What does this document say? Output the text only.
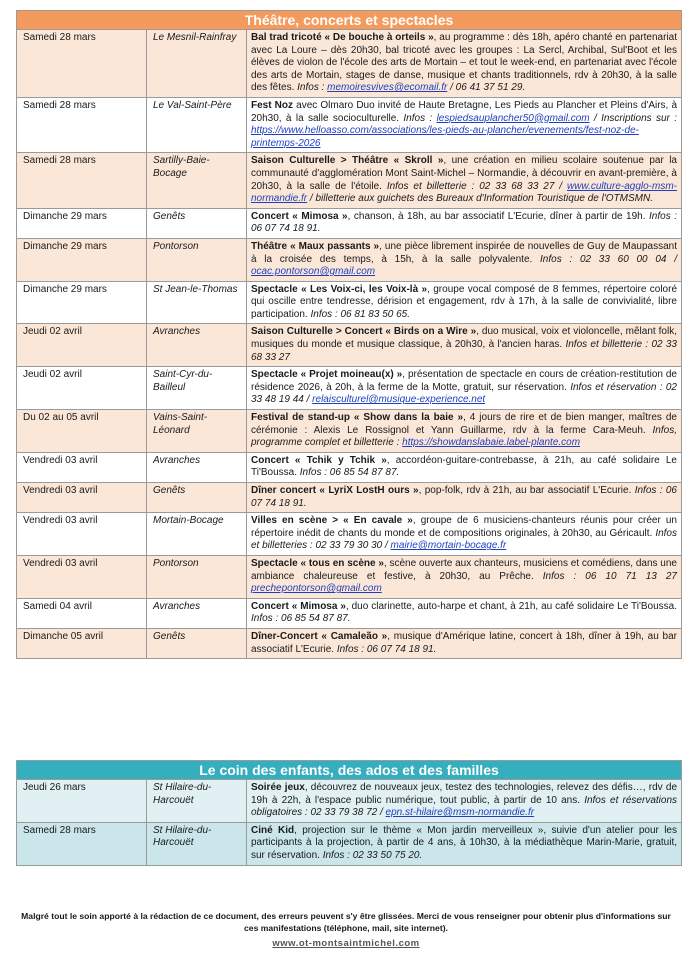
Théâtre, concerts et spectacles
Samedi 28 mars	Le Mesnil-Rainfray	Bal trad tricoté « De bouche à orteils », au programme : dès 18h, apéro chanté en partenariat avec La Loure – dès 20h30, bal tricoté avec les groupes : La Sercl, Archibal, Sul'Boot et les élèves de violon de l'école des arts de Mortain – et tout le week-end, en partenariat avec l'école des arts de Mortain, stages de danse, musique et chants traditionnels, rdv à 20h30, à la salle des fêtes. Infos : memoiresvives@ecomail.fr / 06 41 37 51 29.
Samedi 28 mars	Le Val-Saint-Père	Fest Noz avec Olmaro Duo invité de Haute Bretagne, Les Pieds au Plancher et Pleins d'Airs, à 20h30, à la salle socioculturelle. Infos : lespiedsauplancher50@gmail.com / Inscriptions sur : https://www.helloasso.com/associations/les-pieds-au-plancher/evenements/fest-noz-de-printemps-2026
Samedi 28 mars	Sartilly-Baie-Bocage	Saison Culturelle > Théâtre « Skroll », une création en milieu scolaire soutenue par la communauté d'agglomération Mont Saint-Michel – Normandie, à découvrir en avant-première, à 20h30, à la salle de l'étoile. Infos et billetterie : 02 33 68 33 27 / www.culture-agglo-msm-normandie.fr / billetterie aux guichets des Bureaux d'Information Touristique de l'OTMSMN.
Dimanche 29 mars	Genêts	Concert « Mimosa », chanson, à 18h, au bar associatif L'Ecurie, dîner à partir de 19h. Infos : 06 07 74 18 91.
Dimanche 29 mars	Pontorson	Théâtre « Maux passants », une pièce librement inspirée de nouvelles de Guy de Maupassant à la croisée des temps, à 15h, à la salle polyvalente. Infos : 02 33 60 00 04 / ocac.pontorson@gmail.com
Dimanche 29 mars	St Jean-le-Thomas	Spectacle « Les Voix-ci, les Voix-là », groupe vocal composé de 8 femmes, répertoire coloré qui oscille entre tendresse, dérision et engagement, rdv à 17h, à la salle de convivialité, libre participation. Infos : 06 81 83 50 65.
Jeudi 02 avril	Avranches	Saison Culturelle > Concert « Birds on a Wire », duo musical, voix et violoncelle, mêlant folk, musiques du monde et musique classique, à 20h30, à l'ancien haras. Infos et billetterie : 02 33 68 33 27
Jeudi 02 avril	Saint-Cyr-du-Bailleul	Spectacle « Projet moineau(x) », présentation de spectacle en cours de création-restitution de résidence 2026, à 20h, à la ferme de la Motte, gratuit, sur réservation. Infos et réservation : 02 33 48 19 44 / relaisculturel@musique-experience.net
Du 02 au 05 avril	Vains-Saint-Léonard	Festival de stand-up « Show dans la baie », 4 jours de rire et de bien manger, maîtres de cérémonie : Alexis Le Rossignol et Yann Guillarme, rdv à la ferme Cara-Meuh. Infos, programme complet et billetterie : https://showdanslabaie.label-plante.com
Vendredi 03 avril	Avranches	Concert « Tchik y Tchik », accordéon-guitare-contrebasse, à 21h, au café solidaire Le Ti'Boussa. Infos : 06 85 54 87 87.
Vendredi 03 avril	Genêts	Dîner concert « LyriX LostH ours », pop-folk, rdv à 21h, au bar associatif L'Ecurie. Infos : 06 07 74 18 91.
Vendredi 03 avril	Mortain-Bocage	Villes en scène > « En cavale », groupe de 6 musiciens-chanteurs réunis pour créer un répertoire inédit de chants du monde et de compositions originales, à 20h30, au Géricault. Infos et billetteries : 02 33 79 30 30 / mairie@mortain-bocage.fr
Vendredi 03 avril	Pontorson	Spectacle « tous en scène », scène ouverte aux chanteurs, musiciens et comédiens, dans une ambiance chaleureuse et festive, à 20h30, au Prêche. Infos : 06 10 71 13 27 prechepontorson@gmail.com
Samedi 04 avril	Avranches	Concert « Mimosa », duo clarinette, auto-harpe et chant, à 21h, au café solidaire Le Ti'Boussa. Infos : 06 85 54 87 87.
Dimanche 05 avril	Genêts	Dîner-Concert « Camaleão », musique d'Amérique latine, concert à 18h, dîner à 19h, au bar associatif L'Ecurie. Infos : 06 07 74 18 91.
Le coin des enfants, des ados et des familles
Jeudi 26 mars	St Hilaire-du-Harcouët	Soirée jeux, découvrez de nouveaux jeux, testez des technologies, relevez des défis…, rdv de 19h à 22h, à l'espace public numérique, tout public, à partir de 10 ans. Infos et réservations obligatoires : 02 33 79 38 72 / epn.st-hilaire@msm-normandie.fr
Samedi 28 mars	St Hilaire-du-Harcouët	Ciné Kid, projection sur le thème « Mon jardin merveilleux », suivie d'un atelier pour les participants à la projection, à partir de 4 ans, à 10h30, à la médiathèque Marin-Marie, gratuit, sur réservation. Infos : 02 33 50 75 20.
Malgré tout le soin apporté à la rédaction de ce document, des erreurs peuvent s'y être glissées. Merci de vous renseigner pour obtenir plus d'informations sur ces manifestations (téléphone, mail, site internet).
www.ot-montsaintmichel.com
